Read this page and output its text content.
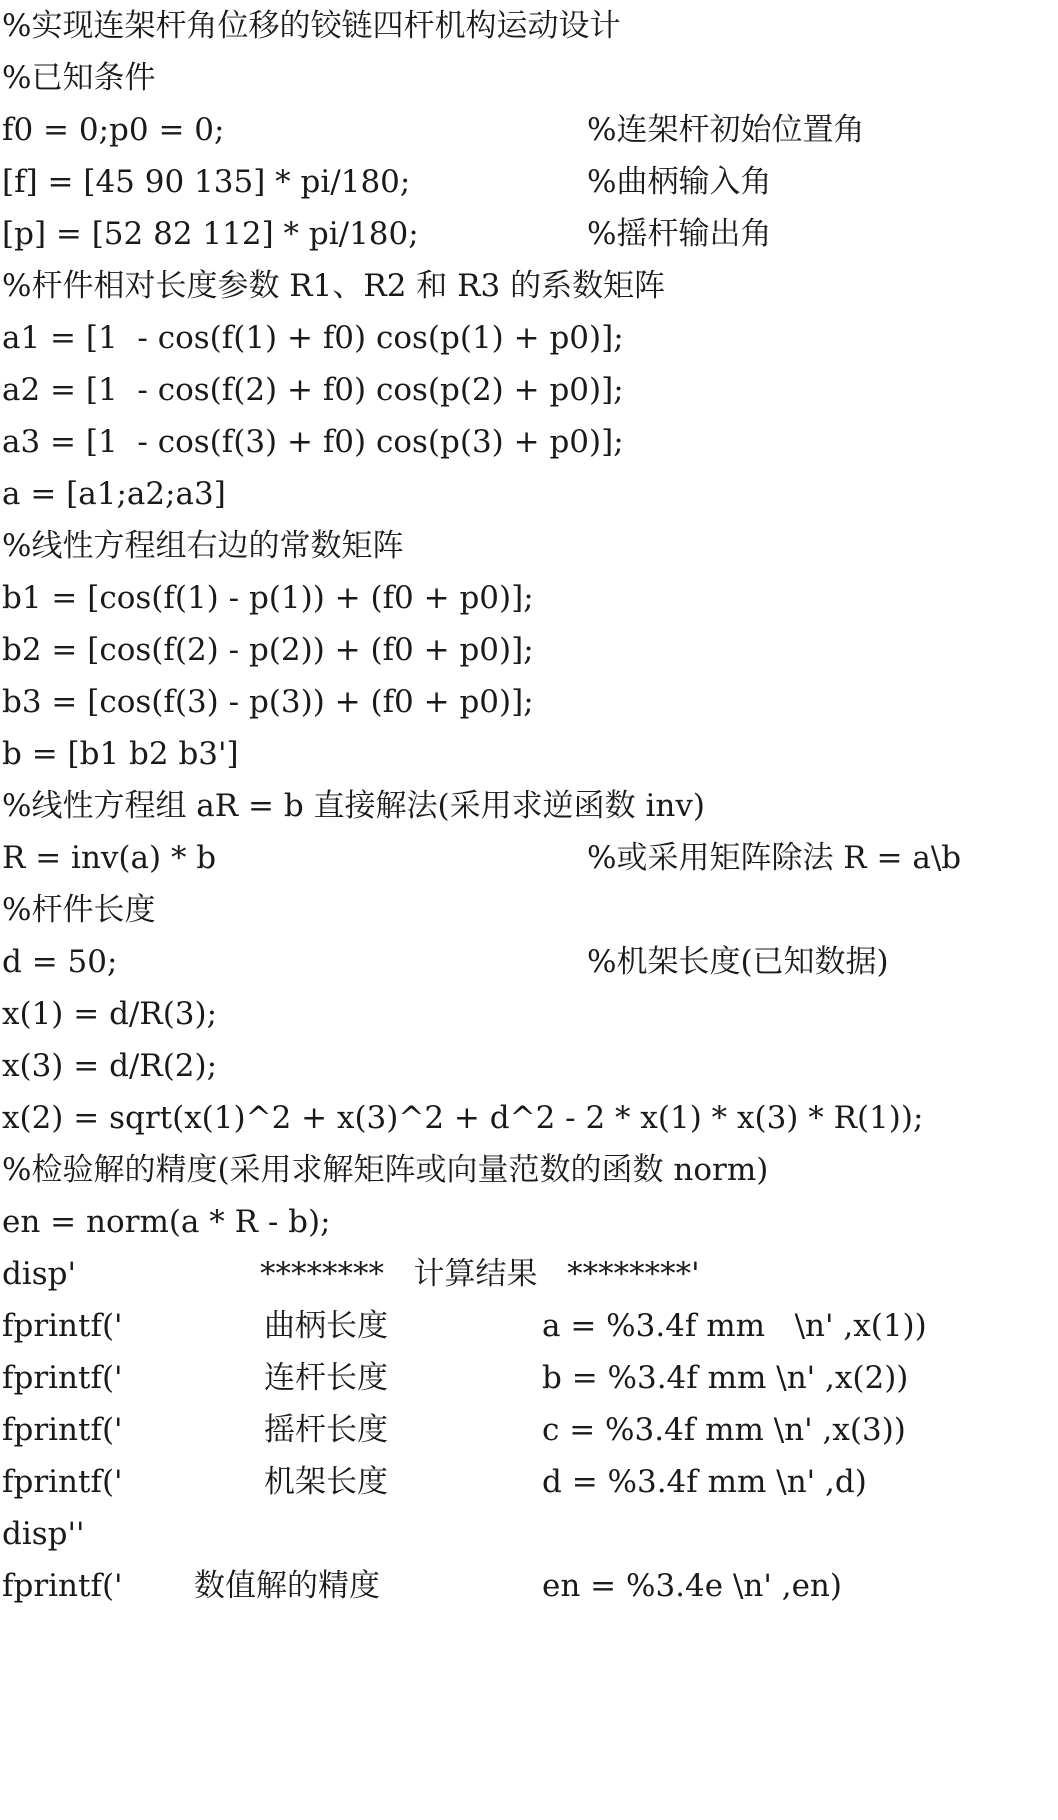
%实现连架杆角位移的铰链四杆机构运动设计

%已知条件

f0 = 0;p0 = 0;

	%连架杆初始位置角

[f] = [45 90 135] * pi/180;

	%曲柄输入角

[p] = [52 82 112] * pi/180;

	%摇杆输出角

%杆件相对长度参数 R1、R2 和 R3 的系数矩阵

a1 = [1  - cos(f(1) + f0) cos(p(1) + p0)];

a2 = [1  - cos(f(2) + f0) cos(p(2) + p0)];

a3 = [1  - cos(f(3) + f0) cos(p(3) + p0)];

a = [a1;a2;a3]

%线性方程组右边的常数矩阵

b1 = [cos(f(1) - p(1)) + (f0 + p0)];

b2 = [cos(f(2) - p(2)) + (f0 + p0)];

b3 = [cos(f(3) - p(3)) + (f0 + p0)];

b = [b1 b2 b3']

%线性方程组 aR = b 直接解法(采用求逆函数 inv)

R = inv(a) * b

	%或采用矩阵除法 R = a\b

%杆件长度

d = 50;

	%机架长度(已知数据)

x(1) = d/R(3);

x(3) = d/R(2);

x(2) = sqrt(x(1)^2 + x(3)^2 + d^2 - 2 * x(1) * x(3) * R(1));

%检验解的精度(采用求解矩阵或向量范数的函数 norm)

en = norm(a * R - b);

disp'

	********   计算结果   ********'

fprintf('

	曲柄长度

	a = %3.4f mm   \n' ,x(1))

fprintf('

	连杆长度

	b = %3.4f mm \n' ,x(2))

fprintf('

	摇杆长度

	c = %3.4f mm \n' ,x(3))

fprintf('

	机架长度

	d = %3.4f mm \n' ,d)

disp''

fprintf('

数值解的精度

	en = %3.4e \n' ,en)
